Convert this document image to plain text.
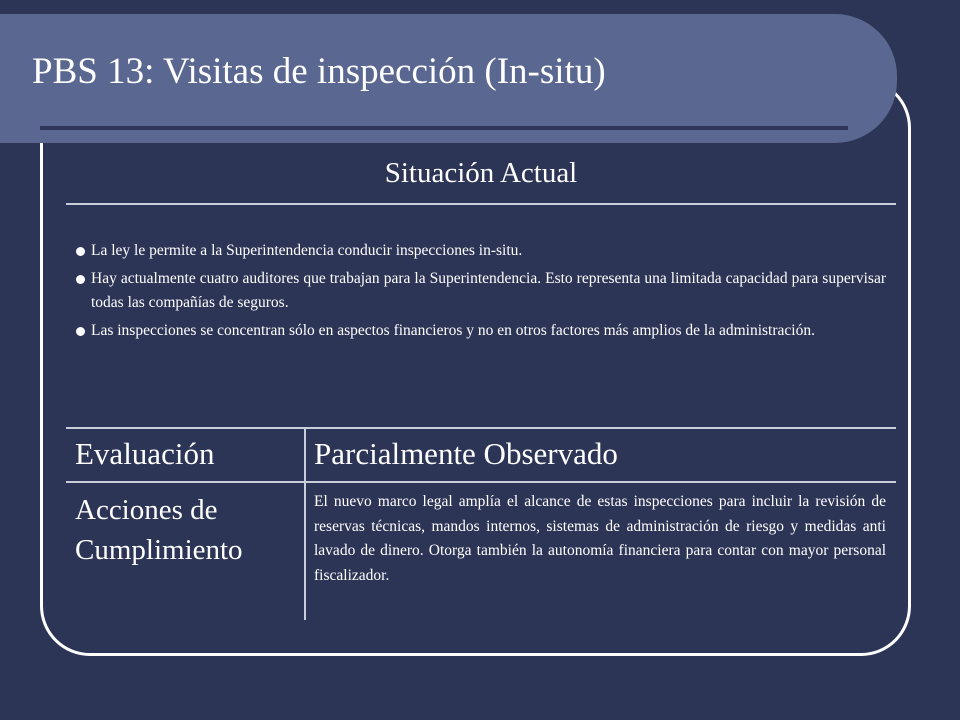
PBS 13: Visitas de inspección (In-situ)
Situación Actual
La ley le permite a la Superintendencia conducir inspecciones in-situ.
Hay actualmente cuatro auditores que trabajan para la Superintendencia. Esto representa una limitada capacidad para supervisar todas las compañías de seguros.
Las inspecciones se concentran sólo en aspectos financieros y no en otros factores más amplios de la administración.
Evaluación	Parcialmente Observado
Acciones de Cumplimiento

El nuevo marco legal amplía el alcance de estas inspecciones para incluir la revisión de reservas técnicas, mandos internos, sistemas de administración de riesgo y medidas anti lavado de dinero. Otorga también la autonomía financiera para contar con mayor personal fiscalizador.
